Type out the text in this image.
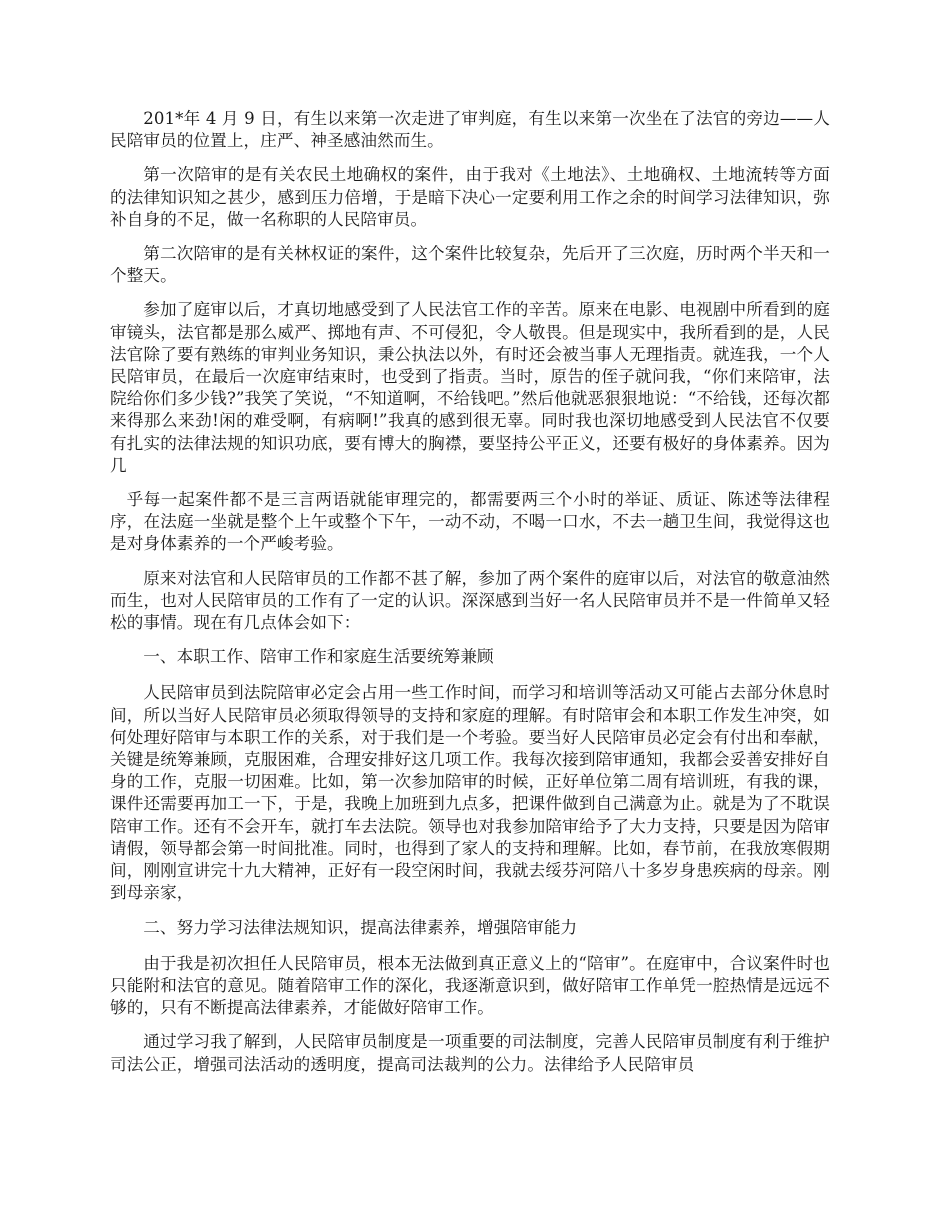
201*年 4 月 9 日，有生以来第一次走进了审判庭，有生以来第一次坐在了法官的旁边——人民陪审员的位置上，庄严、神圣感油然而生。

第一次陪审的是有关农民土地确权的案件，由于我对《土地法》、土地确权、土地流转等方面的法律知识知之甚少，感到压力倍增，于是暗下决心一定要利用工作之余的时间学习法律知识，弥补自身的不足，做一名称职的人民陪审员。

第二次陪审的是有关林权证的案件，这个案件比较复杂，先后开了三次庭，历时两个半天和一个整天。

参加了庭审以后，才真切地感受到了人民法官工作的辛苦。原来在电影、电视剧中所看到的庭审镜头，法官都是那么威严、掷地有声、不可侵犯，令人敬畏。但是现实中，我所看到的是，人民法官除了要有熟练的审判业务知识，秉公执法以外，有时还会被当事人无理指责。就连我，一个人民陪审员，在最后一次庭审结束时，也受到了指责。当时，原告的侄子就问我，“你们来陪审，法院给你们多少钱?”我笑了笑说，“不知道啊，不给钱吧。”然后他就恶狠狠地说：“不给钱，还每次都来得那么来劲!闲的难受啊，有病啊!”我真的感到很无辜。同时我也深切地感受到人民法官不仅要有扎实的法律法规的知识功底，要有博大的胸襟，要坚持公平正义，还要有极好的身体素养。因为几

乎每一起案件都不是三言两语就能审理完的，都需要两三个小时的举证、质证、陈述等法律程序，在法庭一坐就是整个上午或整个下午，一动不动，不喝一口水，不去一趟卫生间，我觉得这也是对身体素养的一个严峻考验。

原来对法官和人民陪审员的工作都不甚了解，参加了两个案件的庭审以后，对法官的敬意油然而生，也对人民陪审员的工作有了一定的认识。深深感到当好一名人民陪审员并不是一件简单又轻松的事情。现在有几点体会如下：

一、本职工作、陪审工作和家庭生活要统筹兼顾

人民陪审员到法院陪审必定会占用一些工作时间，而学习和培训等活动又可能占去部分休息时间，所以当好人民陪审员必须取得领导的支持和家庭的理解。有时陪审会和本职工作发生冲突，如何处理好陪审与本职工作的关系，对于我们是一个考验。要当好人民陪审员必定会有付出和奉献，关键是统筹兼顾，克服困难，合理安排好这几项工作。我每次接到陪审通知，我都会妥善安排好自身的工作，克服一切困难。比如，第一次参加陪审的时候，正好单位第二周有培训班，有我的课，课件还需要再加工一下，于是，我晚上加班到九点多，把课件做到自己满意为止。就是为了不耽误陪审工作。还有不会开车，就打车去法院。领导也对我参加陪审给予了大力支持，只要是因为陪审请假，领导都会第一时间批准。同时，也得到了家人的支持和理解。比如，春节前，在我放寒假期间，刚刚宣讲完十九大精神，正好有一段空闲时间，我就去绥芬河陪八十多岁身患疾病的母亲。刚到母亲家，

二、努力学习法律法规知识，提高法律素养，增强陪审能力

由于我是初次担任人民陪审员，根本无法做到真正意义上的“陪审”。在庭审中，合议案件时也只能附和法官的意见。随着陪审工作的深化，我逐渐意识到，做好陪审工作单凭一腔热情是远远不够的，只有不断提高法律素养，才能做好陪审工作。

通过学习我了解到，人民陪审员制度是一项重要的司法制度，完善人民陪审员制度有利于维护司法公正，增强司法活动的透明度，提高司法裁判的公力。法律给予人民陪审员
